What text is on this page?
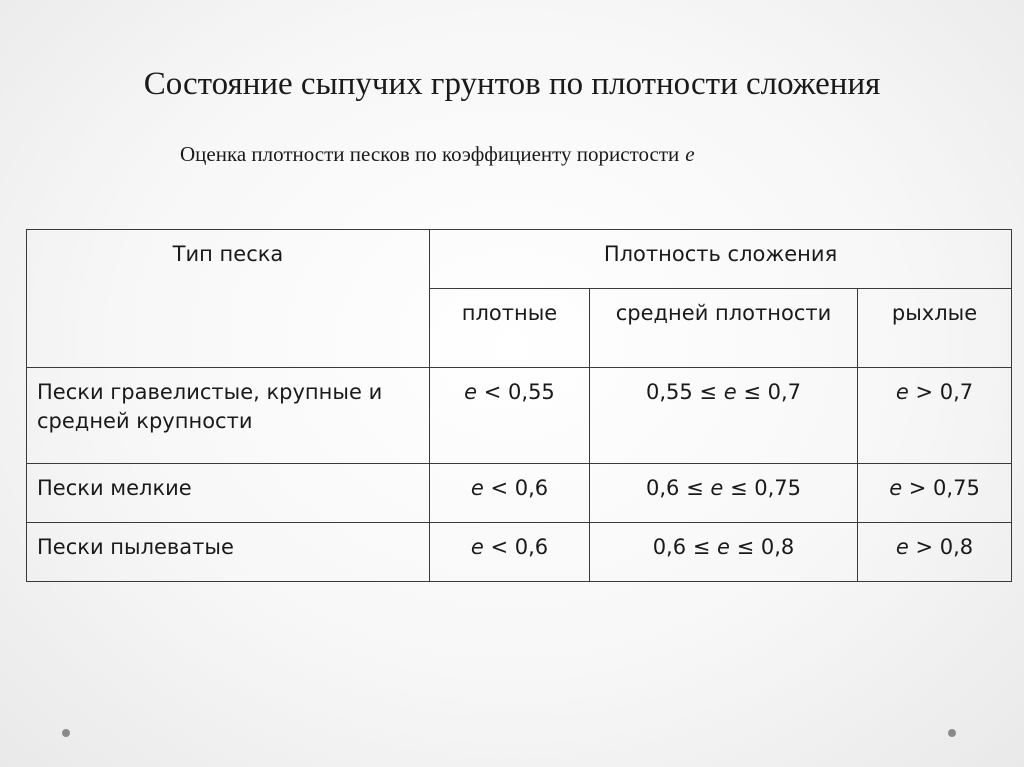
Состояние сыпучих грунтов по плотности сложения
Оценка плотности песков по коэффициенту пористости e
Тип песка	Плотность сложения		
	плотные	средней плотности	рыхлые
Пески гравелистые, крупные и средней крупности	e < 0,55	0,55 ≤ e ≤ 0,7	e > 0,7
Пески мелкие	e < 0,6	0,6 ≤ e ≤ 0,75	e > 0,75
Пески пылеватые	e < 0,6	0,6 ≤ e ≤ 0,8	e > 0,8
